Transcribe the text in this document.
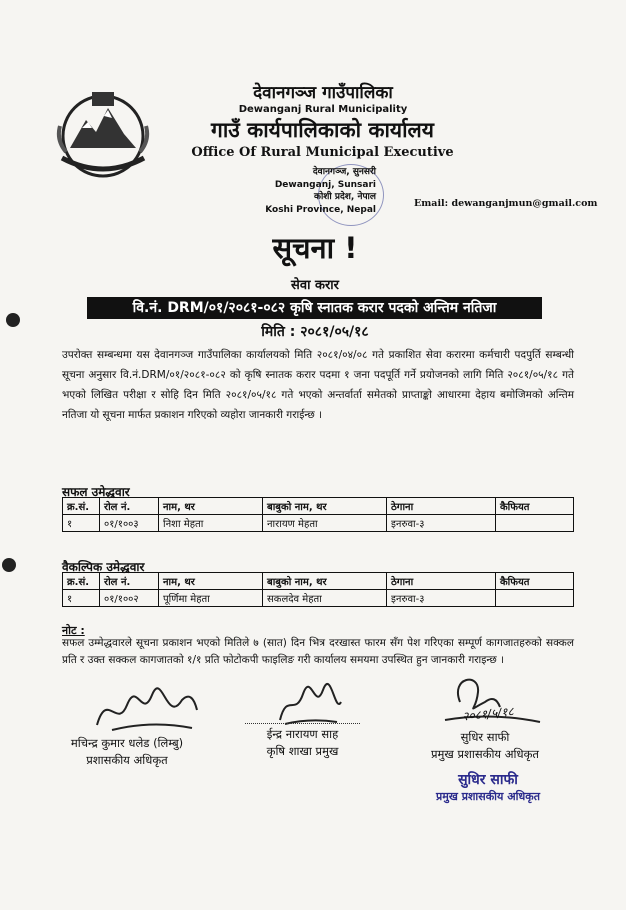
देवानगञ्ज गाउँपालिका
Dewanganj Rural Municipality
गाउँ कार्यपालिकाको कार्यालय
Office Of Rural Municipal Executive
देवानगञ्ज, सुनसरी
Dewanganj, Sunsari
कोशी प्रदेश, नेपाल
Koshi Province, Nepal
Email: dewanganjmun@gmail.com
सूचना !
सेवा करार
वि.नं. DRM/०१/२०८१-०८२ कृषि स्नातक करार पदको अन्तिम नतिजा
मिति : २०८१/०५/१८
उपरोक्त सम्बन्धमा यस देवानगञ्ज गाउँपालिका कार्यालयको मिति २०८१/०४/०८ गते प्रकाशित सेवा करारमा कर्मचारी पदपुर्ति सम्बन्धी सूचना अनुसार वि.नं.DRM/०१/२०८१-०८२ को कृषि स्नातक करार पदमा १ जना पदपूर्ति गर्ने प्रयोजनको लागि मिति २०८१/०५/१८ गते भएको लिखित परीक्षा र सोहि दिन मिति २०८१/०५/१८ गते भएको अन्तर्वार्ता समेतको प्राप्ताङ्को आधारमा देहाय बमोजिमको अन्तिम नतिजा यो सूचना मार्फत प्रकाशन गरिएको व्यहोरा जानकारी गराईन्छ ।
सफल उमेद्धवार
क्र.सं.	रोल नं.	नाम, थर	बाबुको नाम, थर	ठेगाना	कैफियत
१	०१/१००३	निशा मेहता	नारायण मेहता	इनरुवा-३	
वैकल्पिक उमेद्धवार
क्र.सं.	रोल नं.	नाम, थर	बाबुको नाम, थर	ठेगाना	कैफियत
१	०१/१००२	पूर्णिमा मेहता	सकलदेव मेहता	इनरुवा-३	
नोट :
सफल उम्मेद्धवारले सूचना प्रकाशन भएको मितिले ७ (सात) दिन भित्र दरखास्त फारम सँग पेश गरिएका सम्पूर्ण कागजातहरुको सक्कल प्रति र उक्त सक्कल कागजातको १/१ प्रति फोटोकपी फाइलिङ गरी कार्यालय समयमा उपस्थित हुन जानकारी गराइन्छ ।
२०८१/५/१८
मचिन्द्र कुमार धलेड (लिम्बु)
प्रशासकीय अधिकृत
ईन्द्र नारायण साह
कृषि शाखा प्रमुख
सुधिर साफी
प्रमुख प्रशासकीय अधिकृत
सुधिर साफी
प्रमुख प्रशासकीय अधिकृत
